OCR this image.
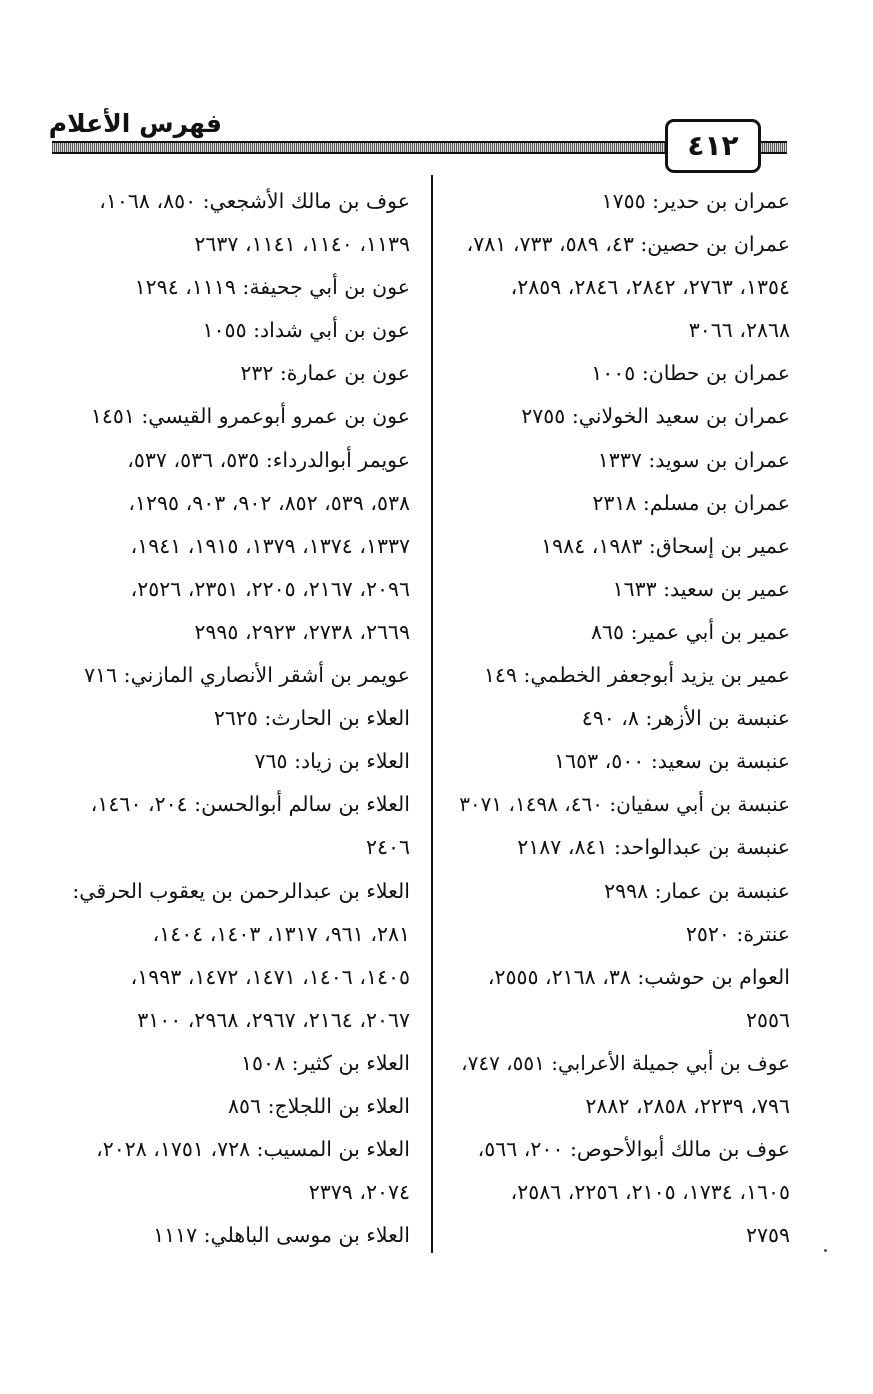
فهرس الأعلام
٤١٢
عمران بن حدير: ١٧٥٥
عمران بن حصين: ٤٣، ٥٨٩، ٧٣٣، ٧٨١،
١٣٥٤، ٢٧٦٣، ٢٨٤٢، ٢٨٤٦، ٢٨٥٩،
٢٨٦٨، ٣٠٦٦
عمران بن حطان: ١٠٠٥
عمران بن سعيد الخولاني: ٢٧٥٥
عمران بن سويد: ١٣٣٧
عمران بن مسلم: ٢٣١٨
عمير بن إسحاق: ١٩٨٣، ١٩٨٤
عمير بن سعيد: ١٦٣٣
عمير بن أبي عمير: ٨٦٥
عمير بن يزيد أبوجعفر الخطمي: ١٤٩
عنبسة بن الأزهر: ٨، ٤٩٠
عنبسة بن سعيد: ٥٠٠، ١٦٥٣
عنبسة بن أبي سفيان: ٤٦٠، ١٤٩٨، ٣٠٧١
عنبسة بن عبدالواحد: ٨٤١، ٢١٨٧
عنبسة بن عمار: ٢٩٩٨
عنترة: ٢٥٢٠
العوام بن حوشب: ٣٨، ٢١٦٨، ٢٥٥٥،
٢٥٥٦
عوف بن أبي جميلة الأعرابي: ٥٥١، ٧٤٧،
٧٩٦، ٢٢٣٩، ٢٨٥٨، ٢٨٨٢
عوف بن مالك أبوالأحوص: ٢٠٠، ٥٦٦،
١٦٠٥، ١٧٣٤، ٢١٠٥، ٢٢٥٦، ٢٥٨٦،
٢٧٥٩
عوف بن مالك الأشجعي: ٨٥٠، ١٠٦٨،
١١٣٩، ١١٤٠، ١١٤١، ٢٦٣٧
عون بن أبي جحيفة: ١١١٩، ١٢٩٤
عون بن أبي شداد: ١٠٥٥
عون بن عمارة: ٢٣٢
عون بن عمرو أبوعمرو القيسي: ١٤٥١
عويمر أبوالدرداء: ٥٣٥، ٥٣٦، ٥٣٧،
٥٣٨، ٥٣٩، ٨٥٢، ٩٠٢، ٩٠٣، ١٢٩٥،
١٣٣٧، ١٣٧٤، ١٣٧٩، ١٩١٥، ١٩٤١،
٢٠٩٦، ٢١٦٧، ٢٢٠٥، ٢٣٥١، ٢٥٢٦،
٢٦٦٩، ٢٧٣٨، ٢٩٢٣، ٢٩٩٥
عويمر بن أشقر الأنصاري المازني: ٧١٦
العلاء بن الحارث: ٢٦٢٥
العلاء بن زياد: ٧٦٥
العلاء بن سالم أبوالحسن: ٢٠٤، ١٤٦٠،
٢٤٠٦
العلاء بن عبدالرحمن بن يعقوب الحرقي:
٢٨١، ٩٦١، ١٣١٧، ١٤٠٣، ١٤٠٤،
١٤٠٥، ١٤٠٦، ١٤٧١، ١٤٧٢، ١٩٩٣،
٢٠٦٧، ٢١٦٤، ٢٩٦٧، ٢٩٦٨، ٣١٠٠
العلاء بن كثير: ١٥٠٨
العلاء بن اللجلاج: ٨٥٦
العلاء بن المسيب: ٧٢٨، ١٧٥١، ٢٠٢٨،
٢٠٧٤، ٢٣٧٩
العلاء بن موسى الباهلي: ١١١٧
